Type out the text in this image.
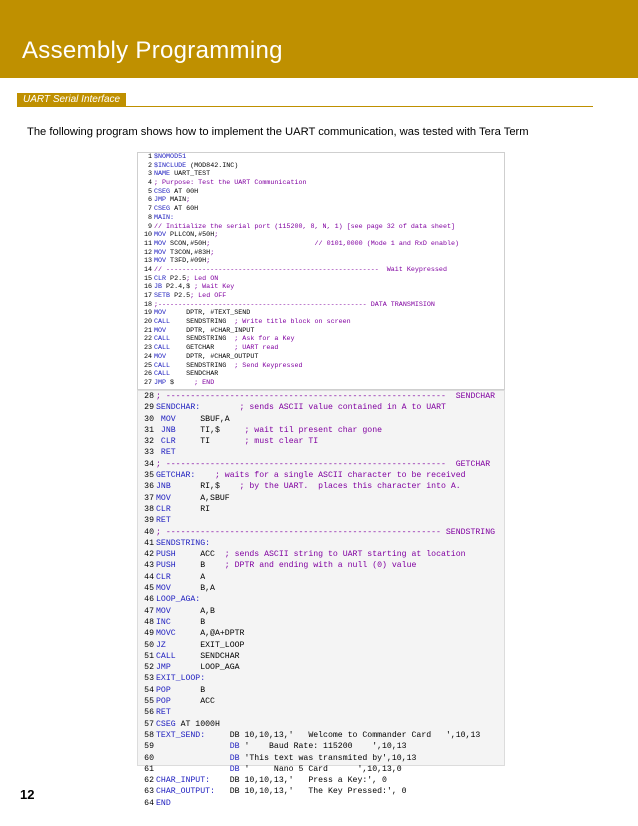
Assembly Programming
UART Serial Interface
The following program shows how to implement the UART communication, was tested with Tera Term
1 $NOMOD51
2 $INCLUDE (MOD842.INC)
3 NAME UART_TEST
4 ; Purpose: Test the UART Communication
5 CSEG AT 00H
6 JMP MAIN;
7 CSEG AT 60H
8 MAIN:
9 // Initialize the serial port (115200, 8, N, 1) [see page 32 of data sheet]
10 MOV PLLCON,#50H;
11 MOV SCON,#50H;                          // 0101,0000 (Mode 1 and RxD enable)
12 MOV T3CON,#83H;
13 MOV T3FD,#09H;
14 // -----------------------------------------------------  Wait Keypressed
15 CLR P2.5; Led ON
16 JB P2.4,$ ; Wait Key
17 SETB P2.5; Led OFF
18 ;---------------------------------------------------- DATA TRANSMISION
19 MOV     DPTR, #TEXT_SEND
20 CALL    SENDSTRING  ; Write title block on screen
21 MOV     DPTR, #CHAR_INPUT
22 CALL    SENDSTRING  ; Ask for a Key
23 CALL    GETCHAR     ; UART read
24 MOV     DPTR, #CHAR_OUTPUT
25 CALL    SENDSTRING  ; Send Keypressed
26 CALL    SENDCHAR
27 JMP $     ; END
28 ; ---------------------------------------------------------  SENDCHAR
29 SENDCHAR:	; sends ASCII value contained in A to UART
30 MOV     SBUF,A
31 JNB     TI,$     ; wait til present char gone
32 CLR     TI       ; must clear TI
33 RET
34 ; ---------------------------------------------------------  GETCHAR
35 GETCHAR: ; waits for a single ASCII character to be received
36 JNB      RI,$    ; by the UART.  places this character into A.
37 MOV      A,SBUF
38 CLR      RI
39 RET
40 ; -------------------------------------------------------- SENDSTRING
41 SENDSTRING:
42 PUSH     ACC  ; sends ASCII string to UART starting at location
43 PUSH     B    ; DPTR and ending with a null (0) value
44 CLR      A
45 MOV      B,A
46 LOOP_AGA:
47 MOV      A,B
48 INC      B
49 MOVC     A,@A+DPTR
50 JZ       EXIT_LOOP
51 CALL     SENDCHAR
52 JMP      LOOP_AGA
53 EXIT_LOOP:
54 POP      B
55 POP      ACC
56 RET
57 CSEG AT 1000H
58 TEXT_SEND:     DB 10,10,13,'   Welcome to Commander Card   ',10,13
59	DB '    Baud Rate: 115200    ',10,13
60	DB 'This text was transmited by',10,13
61	DB '     Nano 5 Card      ',10,13,0
62 CHAR_INPUT:    DB 10,10,13,'   Press a Key:', 0
63 CHAR_OUTPUT:   DB 10,10,13,'   The Key Pressed:', 0
64 END
12
